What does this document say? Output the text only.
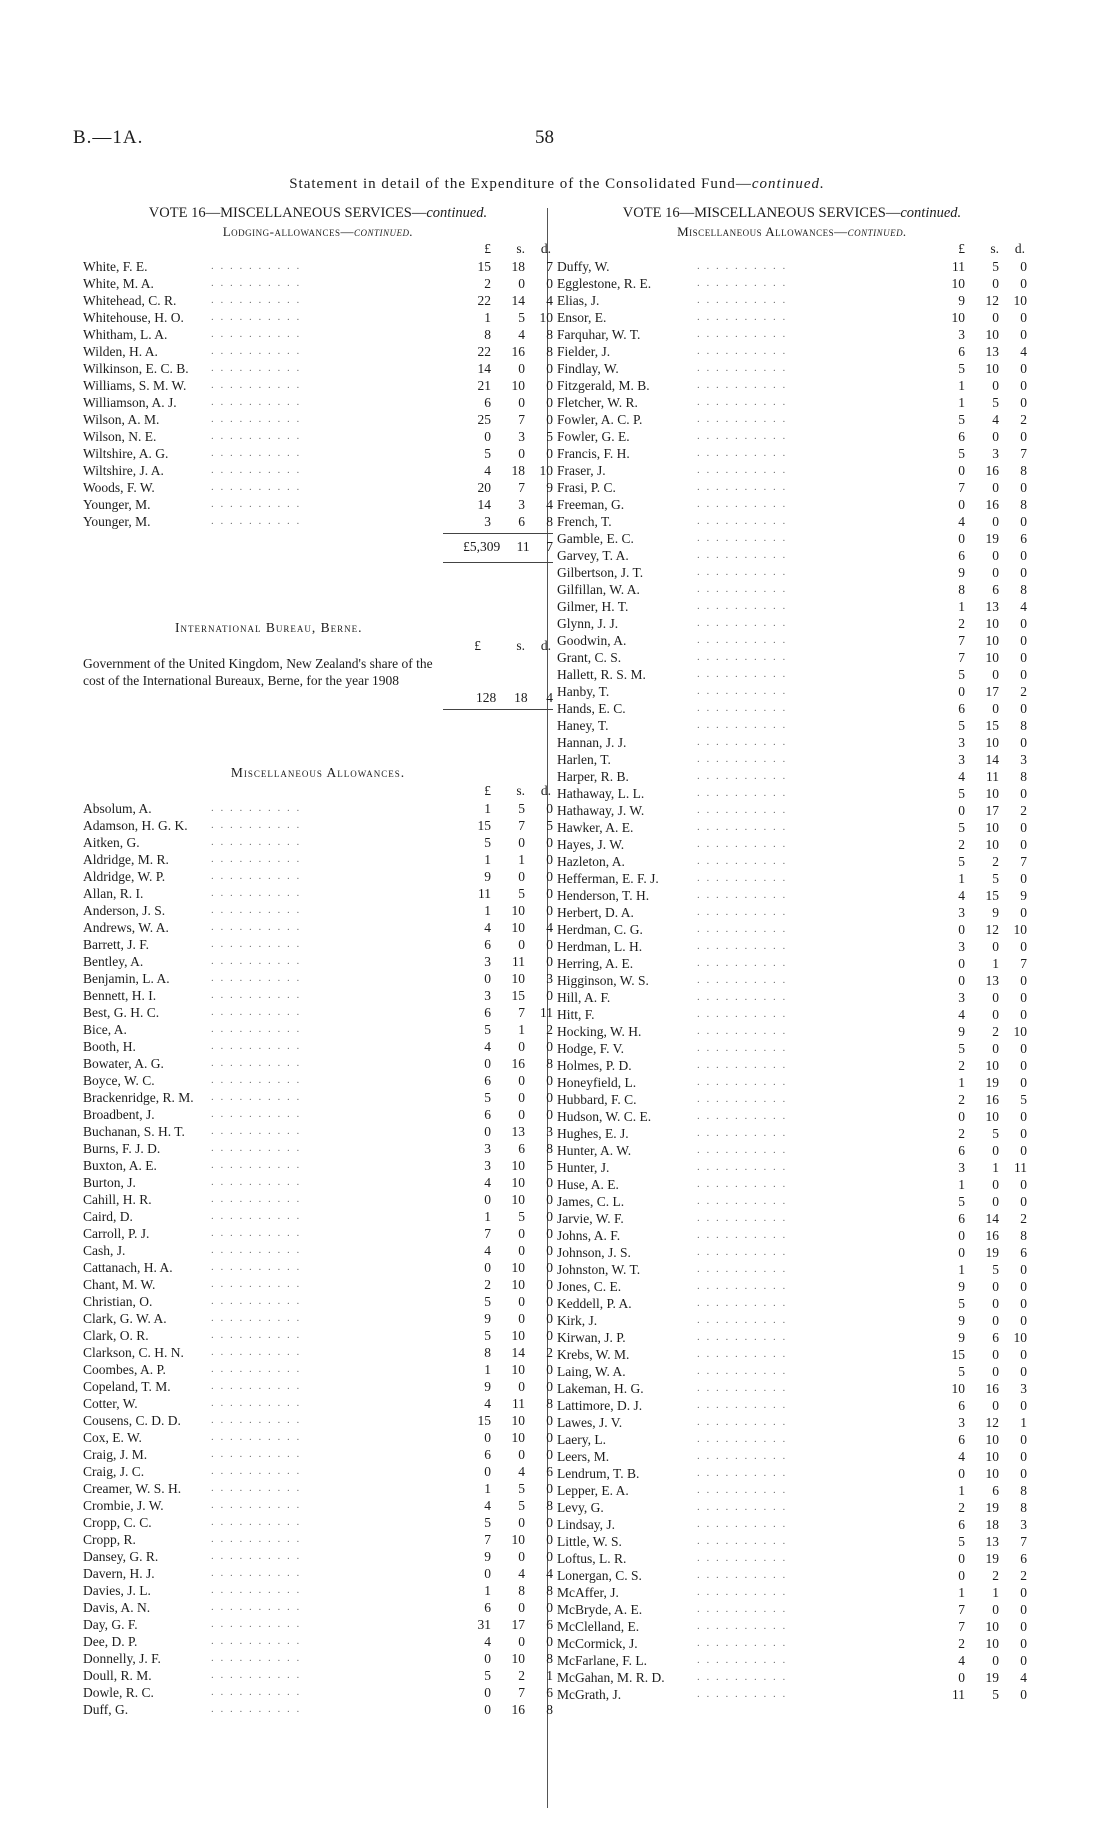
B.—1A.	58
Statement in detail of the Expenditure of the Consolidated Fund—continued.
VOTE 16—MISCELLANEOUS SERVICES—continued.
Lodging-allowances—continued.
£	s.	d.
. . . . . . . . . .
White, F. E.	15	18	7
. . . . . . . . . .
White, M. A.	2	0	0
. . . . . . . . . .
Whitehead, C. R.	22	14	4
. . . . . . . . . .
Whitehouse, H. O.	1	5	10
. . . . . . . . . .
Whitham, L. A.	8	4	8
. . . . . . . . . .
Wilden, H. A.	22	16	8
. . . . . . . . . .
Wilkinson, E. C. B.	14	0	0
. . . . . . . . . .
Williams, S. M. W.	21	10	0
. . . . . . . . . .
Williamson, A. J.	6	0	0
. . . . . . . . . .
Wilson, A. M.	25	7	0
. . . . . . . . . .
Wilson, N. E.	0	3	5
. . . . . . . . . .
Wiltshire, A. G.	5	0	0
. . . . . . . . . .
Wiltshire, J. A.	4	18	10
. . . . . . . . . .
Woods, F. W.	20	7	9
. . . . . . . . . .
Younger, M.	14	3	4
. . . . . . . . . .
Younger, M.	3	6	8
£5,309 11 7
International Bureau, Berne.
£	s.	d.
Government of the United Kingdom, New Zealand's share of the cost of the International Bureaux, Berne, for the year 1908
128 18 4
Miscellaneous Allowances.
£	s.	d.
. . . . . . . . . .
Absolum, A.	1	5	0
. . . . . . . . . .
Adamson, H. G. K.	15	7	5
. . . . . . . . . .
Aitken, G.	5	0	0
. . . . . . . . . .
Aldridge, M. R.	1	1	0
. . . . . . . . . .
Aldridge, W. P.	9	0	0
. . . . . . . . . .
Allan, R. I.	11	5	0
. . . . . . . . . .
Anderson, J. S.	1	10	0
. . . . . . . . . .
Andrews, W. A.	4	10	4
. . . . . . . . . .
Barrett, J. F.	6	0	0
. . . . . . . . . .
Bentley, A.	3	11	0
. . . . . . . . . .
Benjamin, L. A.	0	10	3
. . . . . . . . . .
Bennett, H. I.	3	15	0
. . . . . . . . . .
Best, G. H. C.	6	7	11
. . . . . . . . . .
Bice, A.	5	1	2
. . . . . . . . . .
Booth, H.	4	0	0
. . . . . . . . . .
Bowater, A. G.	0	16	8
. . . . . . . . . .
Boyce, W. C.	6	0	0
. . . . . . . . . .
Brackenridge, R. M.	5	0	0
. . . . . . . . . .
Broadbent, J.	6	0	0
. . . . . . . . . .
Buchanan, S. H. T.	0	13	3
. . . . . . . . . .
Burns, F. J. D.	3	6	8
. . . . . . . . . .
Buxton, A. E.	3	10	5
. . . . . . . . . .
Burton, J.	4	10	0
. . . . . . . . . .
Cahill, H. R.	0	10	0
. . . . . . . . . .
Caird, D.	1	5	0
. . . . . . . . . .
Carroll, P. J.	7	0	0
. . . . . . . . . .
Cash, J.	4	0	0
. . . . . . . . . .
Cattanach, H. A.	0	10	0
. . . . . . . . . .
Chant, M. W.	2	10	0
. . . . . . . . . .
Christian, O.	5	0	0
. . . . . . . . . .
Clark, G. W. A.	9	0	0
. . . . . . . . . .
Clark, O. R.	5	10	0
. . . . . . . . . .
Clarkson, C. H. N.	8	14	2
. . . . . . . . . .
Coombes, A. P.	1	10	0
. . . . . . . . . .
Copeland, T. M.	9	0	0
. . . . . . . . . .
Cotter, W.	4	11	8
. . . . . . . . . .
Cousens, C. D. D.	15	10	0
. . . . . . . . . .
Cox, E. W.	0	10	0
. . . . . . . . . .
Craig, J. M.	6	0	0
. . . . . . . . . .
Craig, J. C.	0	4	6
. . . . . . . . . .
Creamer, W. S. H.	1	5	0
. . . . . . . . . .
Crombie, J. W.	4	5	8
. . . . . . . . . .
Cropp, C. C.	5	0	0
. . . . . . . . . .
Cropp, R.	7	10	0
. . . . . . . . . .
Dansey, G. R.	9	0	0
. . . . . . . . . .
Davern, H. J.	0	4	4
. . . . . . . . . .
Davies, J. L.	1	8	8
. . . . . . . . . .
Davis, A. N.	6	0	0
. . . . . . . . . .
Day, G. F.	31	17	6
. . . . . . . . . .
Dee, D. P.	4	0	0
. . . . . . . . . .
Donnelly, J. F.	0	10	8
. . . . . . . . . .
Doull, R. M.	5	2	1
. . . . . . . . . .
Dowle, R. C.	0	7	6
. . . . . . . . . .
Duff, G.	0	16	8
VOTE 16—MISCELLANEOUS SERVICES—continued.
Miscellaneous Allowances—continued.
£	s.	d.
. . . . . . . . . .
Duffy, W.	11	5	0
. . . . . . . . . .
Egglestone, R. E.	10	0	0
. . . . . . . . . .
Elias, J.	9	12	10
. . . . . . . . . .
Ensor, E.	10	0	0
. . . . . . . . . .
Farquhar, W. T.	3	10	0
. . . . . . . . . .
Fielder, J.	6	13	4
. . . . . . . . . .
Findlay, W.	5	10	0
. . . . . . . . . .
Fitzgerald, M. B.	1	0	0
. . . . . . . . . .
Fletcher, W. R.	1	5	0
. . . . . . . . . .
Fowler, A. C. P.	5	4	2
. . . . . . . . . .
Fowler, G. E.	6	0	0
. . . . . . . . . .
Francis, F. H.	5	3	7
. . . . . . . . . .
Fraser, J.	0	16	8
. . . . . . . . . .
Frasi, P. C.	7	0	0
. . . . . . . . . .
Freeman, G.	0	16	8
. . . . . . . . . .
French, T.	4	0	0
. . . . . . . . . .
Gamble, E. C.	0	19	6
. . . . . . . . . .
Garvey, T. A.	6	0	0
. . . . . . . . . .
Gilbertson, J. T.	9	0	0
. . . . . . . . . .
Gilfillan, W. A.	8	6	8
. . . . . . . . . .
Gilmer, H. T.	1	13	4
. . . . . . . . . .
Glynn, J. J.	2	10	0
. . . . . . . . . .
Goodwin, A.	7	10	0
. . . . . . . . . .
Grant, C. S.	7	10	0
. . . . . . . . . .
Hallett, R. S. M.	5	0	0
. . . . . . . . . .
Hanby, T.	0	17	2
. . . . . . . . . .
Hands, E. C.	6	0	0
. . . . . . . . . .
Haney, T.	5	15	8
. . . . . . . . . .
Hannan, J. J.	3	10	0
. . . . . . . . . .
Harlen, T.	3	14	3
. . . . . . . . . .
Harper, R. B.	4	11	8
. . . . . . . . . .
Hathaway, L. L.	5	10	0
. . . . . . . . . .
Hathaway, J. W.	0	17	2
. . . . . . . . . .
Hawker, A. E.	5	10	0
. . . . . . . . . .
Hayes, J. W.	2	10	0
. . . . . . . . . .
Hazleton, A.	5	2	7
. . . . . . . . . .
Hefferman, E. F. J.	1	5	0
. . . . . . . . . .
Henderson, T. H.	4	15	9
. . . . . . . . . .
Herbert, D. A.	3	9	0
. . . . . . . . . .
Herdman, C. G.	0	12	10
. . . . . . . . . .
Herdman, L. H.	3	0	0
. . . . . . . . . .
Herring, A. E.	0	1	7
. . . . . . . . . .
Higginson, W. S.	0	13	0
. . . . . . . . . .
Hill, A. F.	3	0	0
. . . . . . . . . .
Hitt, F.	4	0	0
. . . . . . . . . .
Hocking, W. H.	9	2	10
. . . . . . . . . .
Hodge, F. V.	5	0	0
. . . . . . . . . .
Holmes, P. D.	2	10	0
. . . . . . . . . .
Honeyfield, L.	1	19	0
. . . . . . . . . .
Hubbard, F. C.	2	16	5
. . . . . . . . . .
Hudson, W. C. E.	0	10	0
. . . . . . . . . .
Hughes, E. J.	2	5	0
. . . . . . . . . .
Hunter, A. W.	6	0	0
. . . . . . . . . .
Hunter, J.	3	1	11
. . . . . . . . . .
Huse, A. E.	1	0	0
. . . . . . . . . .
James, C. L.	5	0	0
. . . . . . . . . .
Jarvie, W. F.	6	14	2
. . . . . . . . . .
Johns, A. F.	0	16	8
. . . . . . . . . .
Johnson, J. S.	0	19	6
. . . . . . . . . .
Johnston, W. T.	1	5	0
. . . . . . . . . .
Jones, C. E.	9	0	0
. . . . . . . . . .
Keddell, P. A.	5	0	0
. . . . . . . . . .
Kirk, J.	9	0	0
. . . . . . . . . .
Kirwan, J. P.	9	6	10
. . . . . . . . . .
Krebs, W. M.	15	0	0
. . . . . . . . . .
Laing, W. A.	5	0	0
. . . . . . . . . .
Lakeman, H. G.	10	16	3
. . . . . . . . . .
Lattimore, D. J.	6	0	0
. . . . . . . . . .
Lawes, J. V.	3	12	1
. . . . . . . . . .
Laery, L.	6	10	0
. . . . . . . . . .
Leers, M.	4	10	0
. . . . . . . . . .
Lendrum, T. B.	0	10	0
. . . . . . . . . .
Lepper, E. A.	1	6	8
. . . . . . . . . .
Levy, G.	2	19	8
. . . . . . . . . .
Lindsay, J.	6	18	3
. . . . . . . . . .
Little, W. S.	5	13	7
. . . . . . . . . .
Loftus, L. R.	0	19	6
. . . . . . . . . .
Lonergan, C. S.	0	2	2
. . . . . . . . . .
McAffer, J.	1	1	0
. . . . . . . . . .
McBryde, A. E.	7	0	0
. . . . . . . . . .
McClelland, E.	7	10	0
. . . . . . . . . .
McCormick, J.	2	10	0
. . . . . . . . . .
McFarlane, F. L.	4	0	0
. . . . . . . . . .
McGahan, M. R. D.	0	19	4
. . . . . . . . . .
McGrath, J.	11	5	0
